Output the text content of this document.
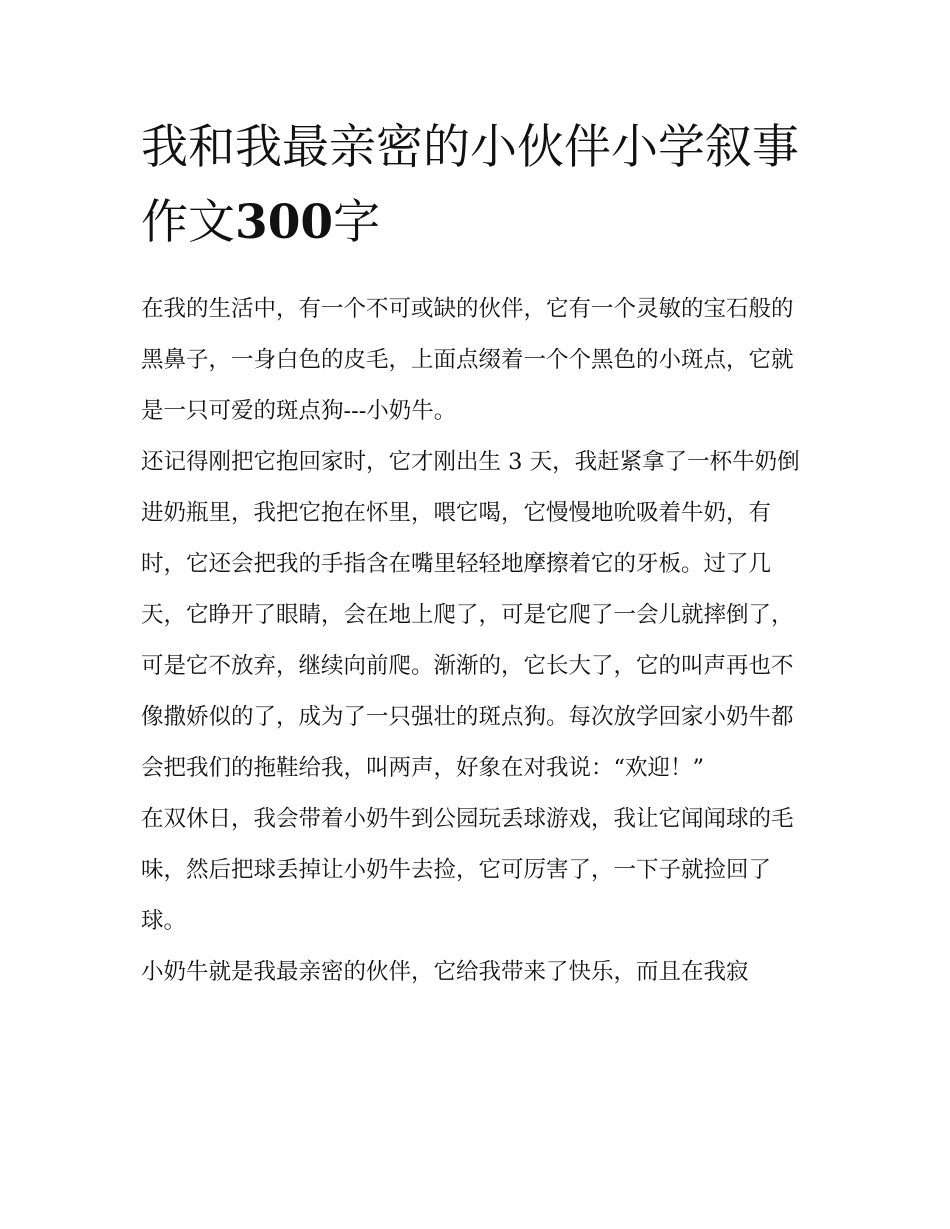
我和我最亲密的小伙伴小学叙事作文300字

在我的生活中，有一个不可或缺的伙伴，它有一个灵敏的宝石般的黑鼻子，一身白色的皮毛，上面点缀着一个个黑色的小斑点，它就是一只可爱的斑点狗---小奶牛。

还记得刚把它抱回家时，它才刚出生 3 天，我赶紧拿了一杯牛奶倒进奶瓶里，我把它抱在怀里，喂它喝，它慢慢地吮吸着牛奶，有时，它还会把我的手指含在嘴里轻轻地摩擦着它的牙板。过了几天，它睁开了眼睛，会在地上爬了，可是它爬了一会儿就摔倒了，可是它不放弃，继续向前爬。渐渐的，它长大了，它的叫声再也不像撒娇似的了，成为了一只强壮的斑点狗。每次放学回家小奶牛都会把我们的拖鞋给我，叫两声，好象在对我说：“欢迎！”

在双休日，我会带着小奶牛到公园玩丢球游戏，我让它闻闻球的毛味，然后把球丢掉让小奶牛去捡，它可厉害了，一下子就捡回了球。

小奶牛就是我最亲密的伙伴，它给我带来了快乐，而且在我寂
